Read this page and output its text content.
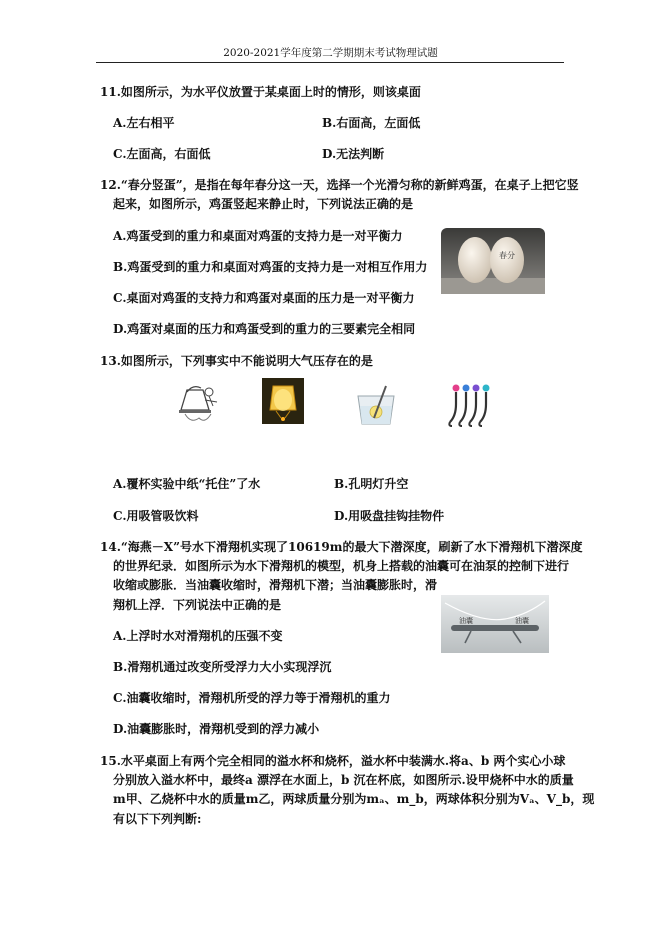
2020-2021学年度第二学期期末考试物理试题
11.如图所示，为水平仪放置于某桌面上时的情形，则该桌面
A.左右相平	B.右面高，左面低
C.左面高，右面低	D.无法判断
12.“春分竖蛋”，是指在每年春分这一天，选择一个光滑匀称的新鲜鸡蛋，在桌子上把它竖
起来，如图所示，鸡蛋竖起来静止时，下列说法正确的是
A.鸡蛋受到的重力和桌面对鸡蛋的支持力是一对平衡力
B.鸡蛋受到的重力和桌面对鸡蛋的支持力是一对相互作用力
C.桌面对鸡蛋的支持力和鸡蛋对桌面的压力是一对平衡力
D.鸡蛋对桌面的压力和鸡蛋受到的重力的三要素完全相同
春分
13.如图所示，下列事实中不能说明大气压存在的是
A.覆杯实验中纸“托住”了水	B.孔明灯升空
C.用吸管吸饮料	D.用吸盘挂钩挂物件
14.“海燕－X”号水下滑翔机实现了10619m的最大下潜深度，刷新了水下滑翔机下潜深度
的世界纪录．如图所示为水下滑翔机的模型，机身上搭载的油囊可在油泵的控制下进行
收缩或膨胀．当油囊收缩时，滑翔机下潜；当油囊膨胀时，滑
翔机上浮．下列说法中正确的是
油囊	油囊
A.上浮时水对滑翔机的压强不变
B.滑翔机通过改变所受浮力大小实现浮沉
C.油囊收缩时，滑翔机所受的浮力等于滑翔机的重力
D.油囊膨胀时，滑翔机受到的浮力减小
15.水平桌面上有两个完全相同的溢水杯和烧杯，溢水杯中装满水.将a、b 两个实心小球
分别放入溢水杯中，最终a 漂浮在水面上，b 沉在杯底，如图所示.设甲烧杯中水的质量
m甲、乙烧杯中水的质量m乙，两球质量分别为mₐ、m_b，两球体积分别为Vₐ、V_b，现
有以下下列判断:
